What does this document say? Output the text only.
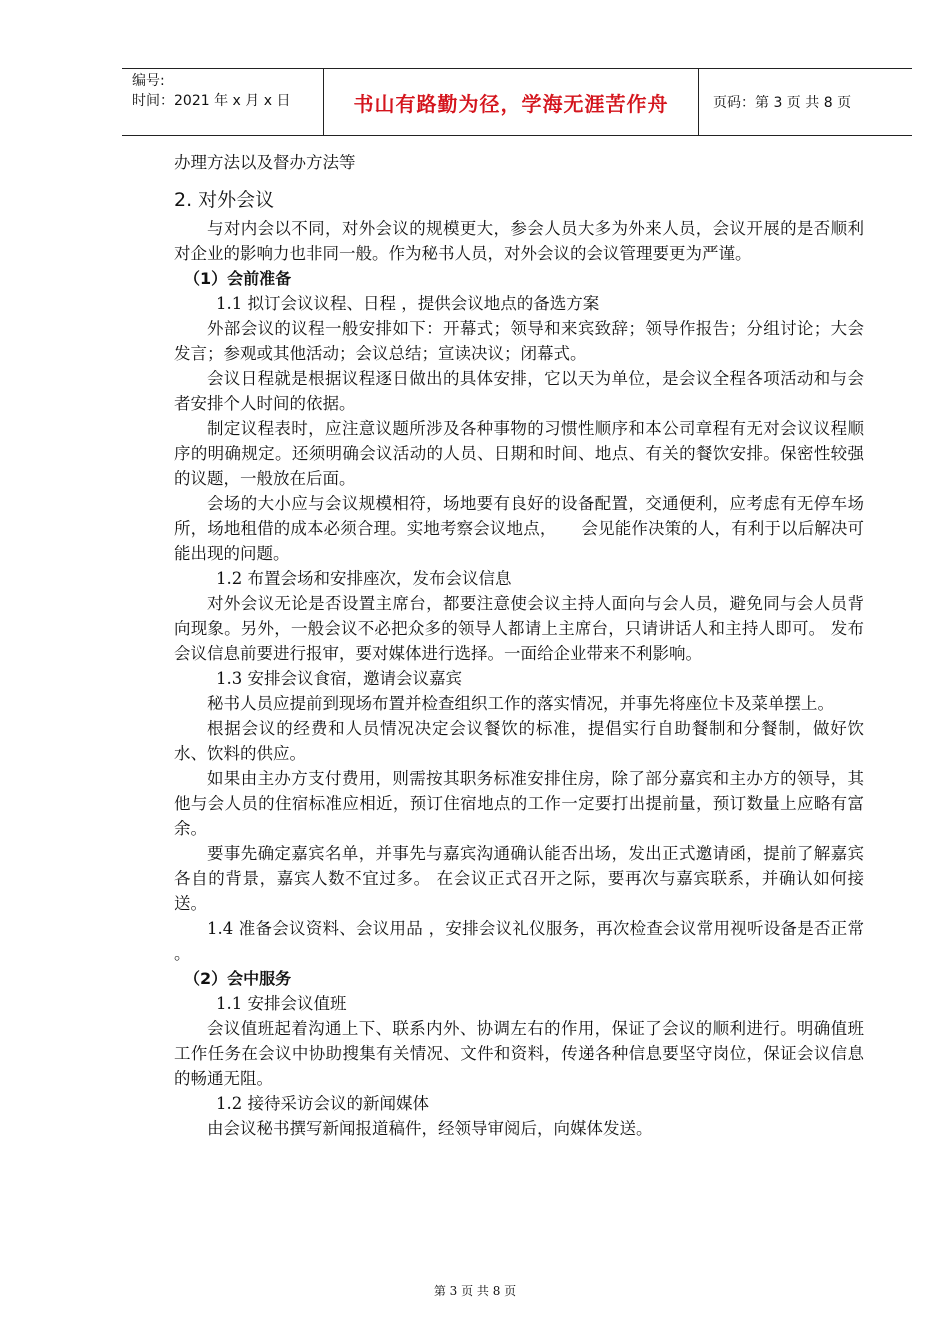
编号:
时间：2021 年 x 月 x 日	书山有路勤为径，学海无涯苦作舟	页码：第 3 页 共 8 页

办理方法以及督办方法等

2. 对外会议

与对内会以不同，对外会议的规模更大，参会人员大多为外来人员，会议开展的是否顺利对企业的影响力也非同一般。作为秘书人员，对外会议的会议管理要更为严谨。

（1）会前准备

1.1 拟订会议议程、日程 ，提供会议地点的备选方案

外部会议的议程一般安排如下：开幕式；领导和来宾致辞；领导作报告；分组讨论；大会发言；参观或其他活动；会议总结；宣读决议；闭幕式。

会议日程就是根据议程逐日做出的具体安排，它以天为单位，是会议全程各项活动和与会者安排个人时间的依据。

制定议程表时，应注意议题所涉及各种事物的习惯性顺序和本公司章程有无对会议议程顺序的明确规定。还须明确会议活动的人员、日期和时间、地点、有关的餐饮安排。保密性较强的议题，一般放在后面。

会场的大小应与会议规模相符，场地要有良好的设备配置，交通便利，应考虑有无停车场所，场地租借的成本必须合理。实地考察会议地点，　　会见能作决策的人，有利于以后解决可能出现的问题。

1.2 布置会场和安排座次，发布会议信息

对外会议无论是否设置主席台，都要注意使会议主持人面向与会人员，避免同与会人员背向现象。另外，一般会议不必把众多的领导人都请上主席台，只请讲话人和主持人即可。 发布会议信息前要进行报审，要对媒体进行选择。一面给企业带来不利影响。

1.3 安排会议食宿，邀请会议嘉宾

秘书人员应提前到现场布置并检查组织工作的落实情况，并事先将座位卡及菜单摆上。

根据会议的经费和人员情况决定会议餐饮的标准，提倡实行自助餐制和分餐制，做好饮水、饮料的供应。

如果由主办方支付费用，则需按其职务标准安排住房，除了部分嘉宾和主办方的领导，其他与会人员的住宿标准应相近，预订住宿地点的工作一定要打出提前量，预订数量上应略有富余。

要事先确定嘉宾名单，并事先与嘉宾沟通确认能否出场，发出正式邀请函，提前了解嘉宾各自的背景，嘉宾人数不宜过多。 在会议正式召开之际，要再次与嘉宾联系，并确认如何接送。

1.4 准备会议资料、会议用品 ，安排会议礼仪服务，再次检查会议常用视听设备是否正常 。

（2）会中服务

1.1 安排会议值班

会议值班起着沟通上下、联系内外、协调左右的作用，保证了会议的顺利进行。明确值班工作任务在会议中协助搜集有关情况、文件和资料，传递各种信息要坚守岗位，保证会议信息的畅通无阻。

1.2 接待采访会议的新闻媒体

由会议秘书撰写新闻报道稿件，经领导审阅后，向媒体发送。

第 3 页 共 8 页
